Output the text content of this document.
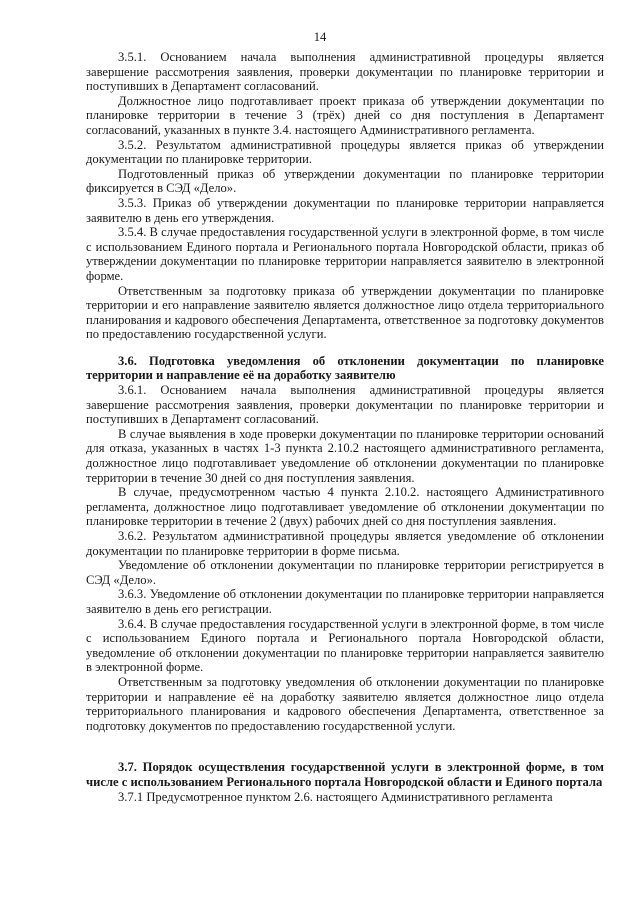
14

3.5.1. Основанием начала выполнения административной процедуры является завершение рассмотрения заявления, проверки документации по планировке территории и поступивших в Департамент согласований.

Должностное лицо подготавливает проект приказа об утверждении документации по планировке территории в течение 3 (трёх) дней со дня поступления в Департамент согласований, указанных в пункте 3.4. настоящего Административного регламента.

3.5.2. Результатом административной процедуры является приказ об утверждении документации по планировке территории.

Подготовленный приказ об утверждении документации по планировке территории фиксируется в СЭД «Дело».

3.5.3. Приказ об утверждении документации по планировке территории направляется заявителю в день его утверждения.

3.5.4. В случае предоставления государственной услуги в электронной форме, в том числе с использованием Единого портала и Регионального портала Новгородской области, приказ об утверждении документации по планировке территории направляется заявителю в электронной форме.

Ответственным за подготовку приказа об утверждении документации по планировке территории и его направление заявителю является должностное лицо отдела территориального планирования и кадрового обеспечения Департамента, ответственное за подготовку документов по предоставлению государственной услуги.

3.6. Подготовка уведомления об отклонении документации по планировке территории и направление её на доработку заявителю

3.6.1. Основанием начала выполнения административной процедуры является завершение рассмотрения заявления, проверки документации по планировке территории и поступивших в Департамент согласований.

В случае выявления в ходе проверки документации по планировке территории оснований для отказа, указанных в частях 1-3 пункта 2.10.2 настоящего административного регламента, должностное лицо подготавливает уведомление об отклонении документации по планировке территории в течение 30 дней со дня поступления заявления.

В случае, предусмотренном частью 4 пункта 2.10.2. настоящего Административного регламента, должностное лицо подготавливает уведомление об отклонении документации по планировке территории в течение 2 (двух) рабочих дней со дня поступления заявления.

3.6.2. Результатом административной процедуры является уведомление об отклонении документации по планировке территории в форме письма.

Уведомление об отклонении документации по планировке территории регистрируется в СЭД «Дело».

3.6.3. Уведомление об отклонении документации по планировке территории направляется заявителю в день его регистрации.

3.6.4. В случае предоставления государственной услуги в электронной форме, в том числе с использованием Единого портала и Регионального портала Новгородской области, уведомление об отклонении документации по планировке территории направляется заявителю в электронной форме.

Ответственным за подготовку уведомления об отклонении документации по планировке территории и направление её на доработку заявителю является должностное лицо отдела территориального планирования и кадрового обеспечения Департамента, ответственное за подготовку документов по предоставлению государственной услуги.

3.7. Порядок осуществления государственной услуги в электронной форме, в том числе с использованием Регионального портала Новгородской области и Единого портала

3.7.1 Предусмотренное пунктом 2.6. настоящего Административного регламента
